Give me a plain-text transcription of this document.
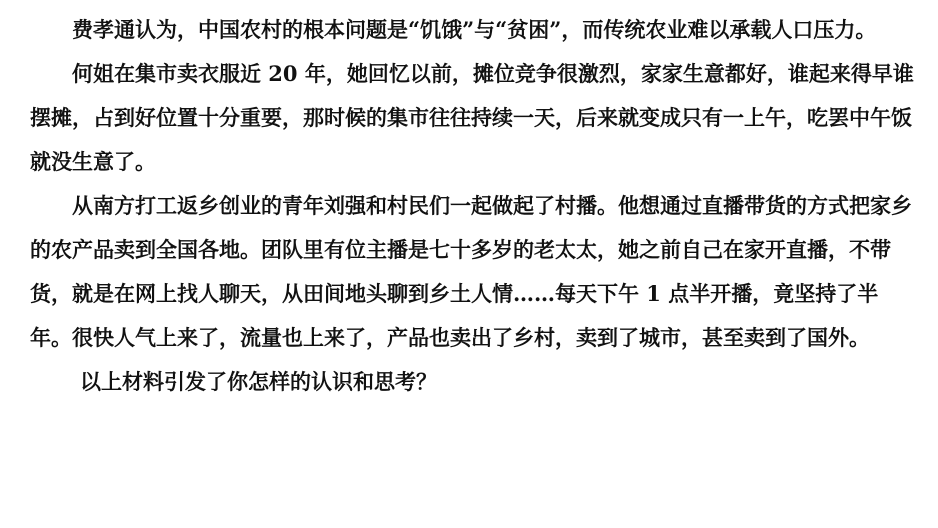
费孝通认为，中国农村的根本问题是“饥饿”与“贫困”，而传统农业难以承载人口压力。

何姐在集市卖衣服近 20 年，她回忆以前，摊位竞争很激烈，家家生意都好，谁起来得早谁摆摊，占到好位置十分重要，那时候的集市往往持续一天，后来就变成只有一上午，吃罢中午饭就没生意了。

从南方打工返乡创业的青年刘强和村民们一起做起了村播。他想通过直播带货的方式把家乡的农产品卖到全国各地。团队里有位主播是七十多岁的老太太，她之前自己在家开直播，不带货，就是在网上找人聊天，从田间地头聊到乡土人情……每天下午 1 点半开播，竟坚持了半年。很快人气上来了，流量也上来了，产品也卖出了乡村，卖到了城市，甚至卖到了国外。

以上材料引发了你怎样的认识和思考？
